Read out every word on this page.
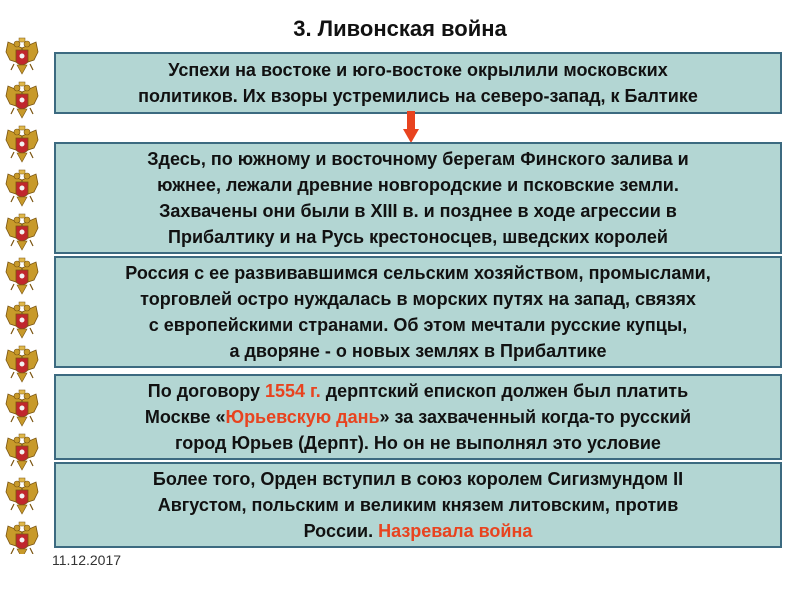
3. Ливонская война
Успехи на востоке и юго-востоке окрылили московских
политиков. Их взоры устремились на северо-запад, к Балтике
Здесь, по южному и восточному берегам Финского залива и
южнее, лежали древние новгородские и псковские земли.
Захвачены они были в XIII в. и позднее в ходе агрессии в
Прибалтику и на Русь крестоносцев, шведских королей
Россия с ее развивавшимся сельским хозяйством, промыслами,
торговлей остро нуждалась в морских путях на запад, связях
с европейскими странами. Об этом мечтали русские купцы,
а дворяне - о новых землях в Прибалтике
По договору 1554 г. дерптский епископ должен был платить
Москве «Юрьевскую дань» за захваченный когда-то русский
город Юрьев (Дерпт). Но он не выполнял это условие
Более того, Орден вступил в союз королем Сигизмундом II
Августом, польским и великим князем литовским, против
России. Назревала война
11.12.2017
